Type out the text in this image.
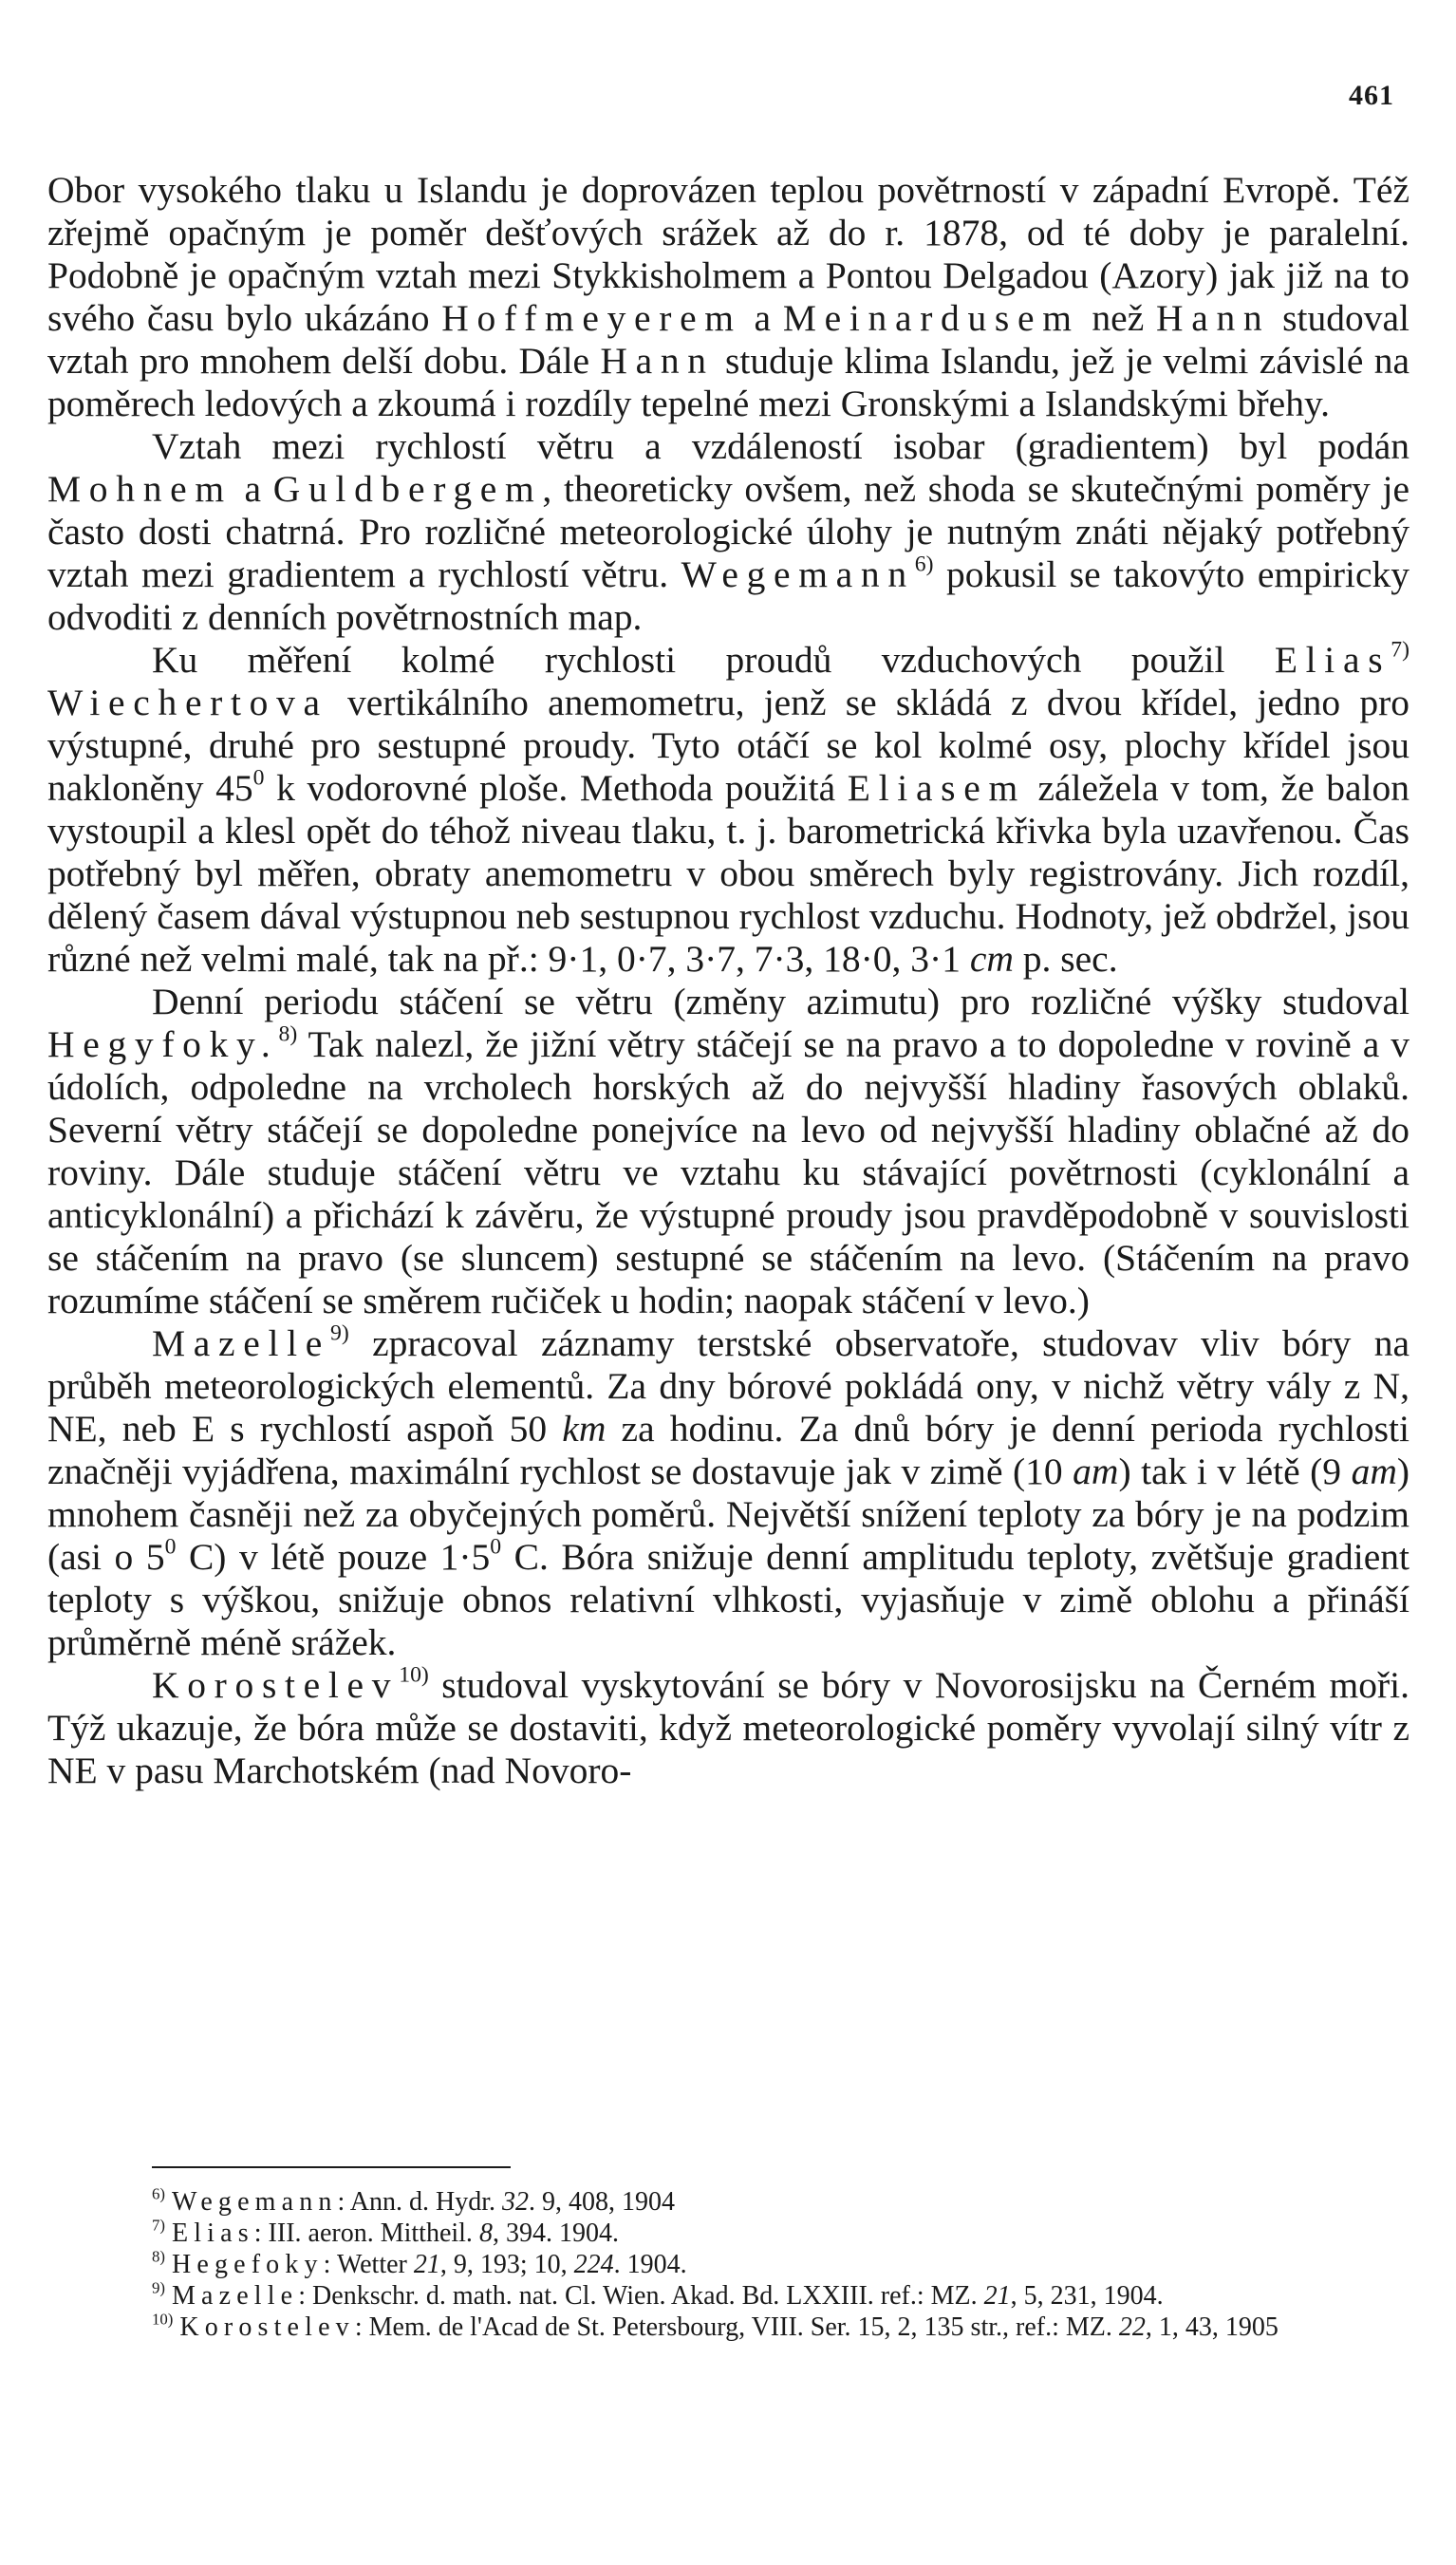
461

Obor vysokého tlaku u Islandu je doprovázen teplou povětrností v západní Evropě. Též zřejmě opačným je poměr dešťových srážek až do r. 1878, od té doby je paralelní. Podobně je opačným vztah mezi Stykkisholmem a Pontou Delgadou (Azory) jak již na to svého času bylo ukázáno Hoffmeyerem a Meinardusem než Hann studoval vztah pro mnohem delší dobu. Dále Hann studuje klima Islandu, jež je velmi závislé na poměrech ledových a zkoumá i rozdíly tepelné mezi Gronskými a Islandskými břehy.

Vztah mezi rychlostí větru a vzdáleností isobar (gradientem) byl podán Mohnem a Guldbergem, theoreticky ovšem, než shoda se skutečnými poměry je často dosti chatrná. Pro rozličné meteorologické úlohy je nutným znáti nějaký potřebný vztah mezi gradientem a rychlostí větru. Wegemann$^{6)}$ pokusil se takovýto empiricky odvoditi z denních povětrnostních map.

Ku měření kolmé rychlosti proudů vzduchových použil Elias$^{7)}$ Wiechertova vertikálního anemometru, jenž se skládá z dvou křídel, jedno pro výstupné, druhé pro sestupné proudy. Tyto otáčí se kol kolmé osy, plochy křídel jsou nakloněny $45^0$ k vodorovné ploše. Methoda použitá Eliasem záležela v tom, že balon vystoupil a klesl opět do téhož niveau tlaku, t. j. barometrická křivka byla uzavřenou. Čas potřebný byl měřen, obraty anemometru v obou směrech byly registrovány. Jich rozdíl, dělený časem dával výstupnou neb sestupnou rychlost vzduchu. Hodnoty, jež obdržel, jsou různé než velmi malé, tak na př.: 9·1, 0·7, 3·7, 7·3, 18·0, 3·1 cm p. sec.

Denní periodu stáčení se větru (změny azimutu) pro rozličné výšky studoval Hegyfoky.$^{8)}$ Tak nalezl, že jižní větry stáčejí se na pravo a to dopoledne v rovině a v údolích, odpoledne na vrcholech horských až do nejvyšší hladiny řasových oblaků. Severní větry stáčejí se dopoledne ponejvíce na levo od nejvyšší hladiny oblačné až do roviny. Dále studuje stáčení větru ve vztahu ku stávající povětrnosti (cyklonální a anticyklonální) a přichází k závěru, že výstupné proudy jsou pravděpodobně v souvislosti se stáčením na pravo (se sluncem) sestupné se stáčením na levo. (Stáčením na pravo rozumíme stáčení se směrem ručiček u hodin; naopak stáčení v levo.)

Mazelle$^{9)}$ zpracoval záznamy terstské observatoře, studovav vliv bóry na průběh meteorologických elementů. Za dny bórové pokládá ony, v nichž větry vály z N, NE, neb E s rychlostí aspoň 50 km za hodinu. Za dnů bóry je denní perioda rychlosti značněji vyjádřena, maximální rychlost se dostavuje jak v zimě (10 am) tak i v létě (9 am) mnohem časněji než za obyčejných poměrů. Největší snížení teploty za bóry je na podzim (asi o $5^0$ C) v létě pouze $1\cdot 5^0$ C. Bóra snižuje denní amplitudu teploty, zvětšuje gradient teploty s výškou, snižuje obnos relativní vlhkosti, vyjasňuje v zimě oblohu a přináší průměrně méně srážek.

Korostelev$^{10)}$ studoval vyskytování se bóry v Novorosijsku na Černém moři. Týž ukazuje, že bóra může se dostaviti, když meteorologické poměry vyvolají silný vítr z NE v pasu Marchotském (nad Novoro-

$^{6)}$ Wegemann: Ann. d. Hydr. 32. 9, 408, 1904

$^{7)}$ Elias: III. aeron. Mittheil. 8, 394. 1904.

$^{8)}$ Hegefoky: Wetter 21, 9, 193; 10, 224. 1904.

$^{9)}$ Mazelle: Denkschr. d. math. nat. Cl. Wien. Akad. Bd. LXXIII. ref.: MZ. 21, 5, 231, 1904.

$^{10)}$ Korostelev: Mem. de l'Acad de St. Petersbourg, VIII. Ser. 15, 2, 135 str., ref.: MZ. 22, 1, 43, 1905
